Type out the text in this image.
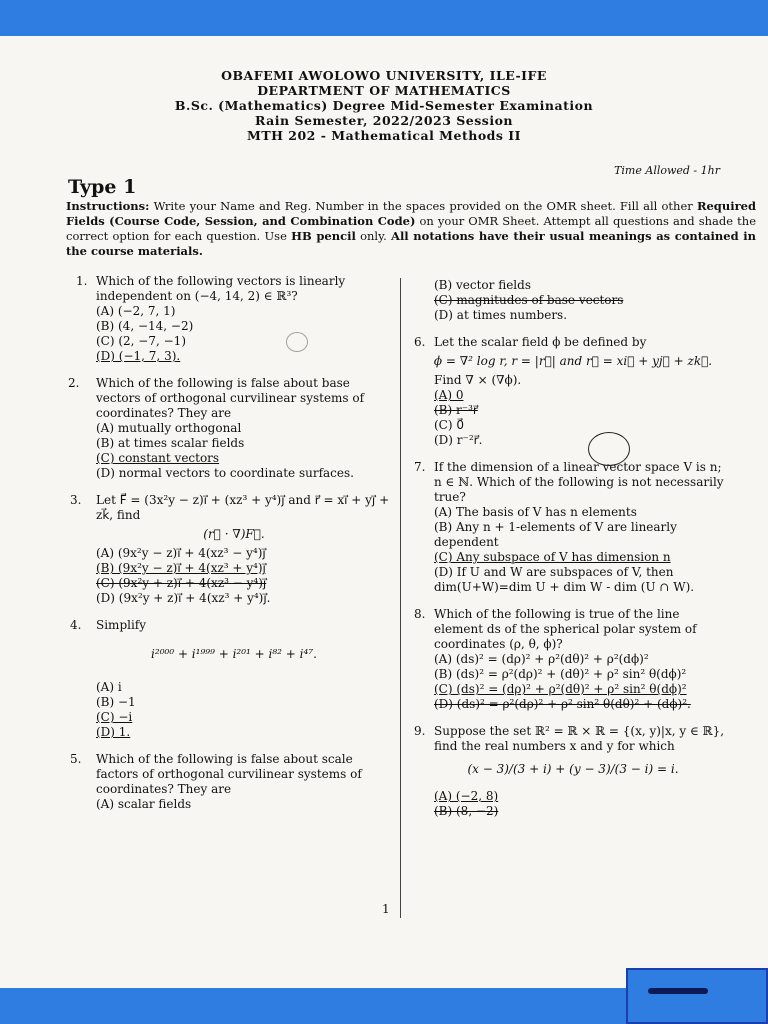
OBAFEMI AWOLOWO UNIVERSITY, ILE-IFE
DEPARTMENT OF MATHEMATICS
B.Sc. (Mathematics) Degree Mid-Semester Examination
Rain Semester, 2022/2023 Session
MTH 202 - Mathematical Methods II
Time Allowed - 1hr
Type 1
Instructions: Write your Name and Reg. Number in the spaces provided on the OMR sheet. Fill all other Required Fields (Course Code, Session, and Combination Code) on your OMR Sheet. Attempt all questions and shade the correct option for each question. Use HB pencil only. All notations have their usual meanings as contained in the course materials.
1. Which of the following vectors is linearly independent on (−4, 14, 2) ∈ ℝ³?
(A) (−2, 7, 1)
(B) (4, −14, −2)
(C) (2, −7, −1)
(D) (−1, 7, 3).
2. Which of the following is false about base vectors of orthogonal curvilinear systems of coordinates? They are
(A) mutually orthogonal
(B) at times scalar fields
(C) constant vectors
(D) normal vectors to coordinate surfaces.
3. Let F⃗ = (3x²y − z)i⃗ + (xz³ + y⁴)j⃗ and r⃗ = xi⃗ + yj⃗ + zk⃗, find
(r⃗ · ∇)F⃗.
(A) (9x²y − z)i⃗ + 4(xz³ − y⁴)j⃗
(B) (9x²y − z)i⃗ + 4(xz³ + y⁴)j⃗
(C) (9x²y + z)i⃗ + 4(xz³ − y⁴)j⃗
(D) (9x²y + z)i⃗ + 4(xz³ + y⁴)j⃗.
4. Simplify
i²⁰⁰⁰ + i¹⁹⁹⁹ + i²⁰¹ + i⁸² + i⁴⁷.
(A) i
(B) −1
(C) −i
(D) 1.
5. Which of the following is false about scale factors of orthogonal curvilinear systems of coordinates? They are
(A) scalar fields
(B) vector fields
(C) magnitudes of base vectors
(D) at times numbers.
6. Let the scalar field ϕ be defined by
ϕ = ∇² log r, r = |r⃗| and r⃗ = xi⃗ + yj⃗ + zk⃗.
Find ∇ × (∇ϕ).
(A) 0
(B) r⁻³r⃗
(C) 0⃗
(D) r⁻²r⃗.
7. If the dimension of a linear vector space V is n; n ∈ ℕ. Which of the following is not necessarily true?
(A) The basis of V has n elements
(B) Any n + 1-elements of V are linearly dependent
(C) Any subspace of V has dimension n
(D) If U and W are subspaces of V, then dim(U+W)=dim U + dim W - dim (U ∩ W).
8. Which of the following is true of the line element ds of the spherical polar system of coordinates (ρ, θ, ϕ)?
(A) (ds)² = (dρ)² + ρ²(dθ)² + ρ²(dϕ)²
(B) (ds)² = ρ²(dρ)² + (dθ)² + ρ² sin² θ(dϕ)²
(C) (ds)² = (dρ)² + ρ²(dθ)² + ρ² sin² θ(dϕ)²
(D) (ds)² = ρ²(dρ)² + ρ² sin² θ(dθ)² + (dϕ)².
9. Suppose the set ℝ² = ℝ × ℝ = {(x, y)|x, y ∈ ℝ}, find the real numbers x and y for which
(x − 3)/(3 + i) + (y − 3)/(3 − i) = i.
(A) (−2, 8)
(B) (8, −2)
1
